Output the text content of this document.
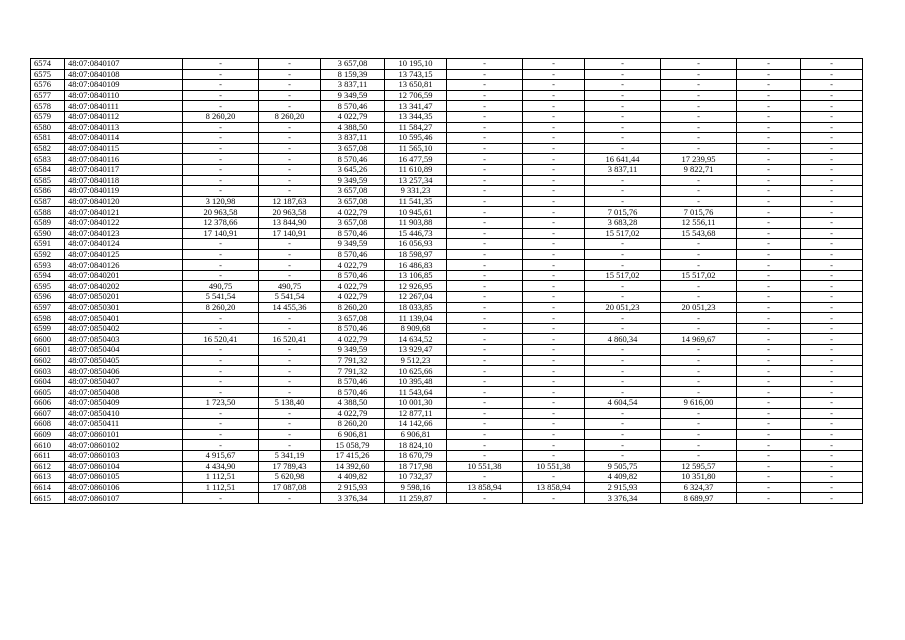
6574	48:07:0840107	-	-	3 657,08	10 195,10	-	-	-	-	-	-
6575	48:07:0840108	-	-	8 159,39	13 743,15	-	-	-	-	-	-
6576	48:07:0840109	-	-	3 837,11	13 650,81	-	-	-	-	-	-
6577	48:07:0840110	-	-	9 349,59	12 706,59	-	-	-	-	-	-
6578	48:07:0840111	-	-	8 570,46	13 341,47	-	-	-	-	-	-
6579	48:07:0840112	8 260,20	8 260,20	4 022,79	13 344,35	-	-	-	-	-	-
6580	48:07:0840113	-	-	4 388,50	11 584,27	-	-	-	-	-	-
6581	48:07:0840114	-	-	3 837,11	10 595,46	-	-	-	-	-	-
6582	48:07:0840115	-	-	3 657,08	11 565,10	-	-	-	-	-	-
6583	48:07:0840116	-	-	8 570,46	16 477,59	-	-	16 641,44	17 239,95	-	-
6584	48:07:0840117	-	-	3 645,26	11 610,89	-	-	3 837,11	9 822,71	-	-
6585	48:07:0840118	-	-	9 349,59	13 257,34	-	-	-	-	-	-
6586	48:07:0840119	-	-	3 657,08	9 331,23	-	-	-	-	-	-
6587	48:07:0840120	3 120,98	12 187,63	3 657,08	11 541,35	-	-	-	-	-	-
6588	48:07:0840121	20 963,58	20 963,58	4 022,79	10 945,61	-	-	7 015,76	7 015,76	-	-
6589	48:07:0840122	12 378,66	13 844,90	3 657,08	11 903,88	-	-	3 683,28	12 556,11	-	-
6590	48:07:0840123	17 140,91	17 140,91	8 570,46	15 446,73	-	-	15 517,02	15 543,68	-	-
6591	48:07:0840124	-	-	9 349,59	16 056,93	-	-	-	-	-	-
6592	48:07:0840125	-	-	8 570,46	18 598,97	-	-	-	-	-	-
6593	48:07:0840126	-	-	4 022,79	16 486,83	-	-	-	-	-	-
6594	48:07:0840201	-	-	8 570,46	13 106,85	-	-	15 517,02	15 517,02	-	-
6595	48:07:0840202	490,75	490,75	4 022,79	12 926,95	-	-	-	-	-	-
6596	48:07:0850201	5 541,54	5 541,54	4 022,79	12 267,04	-	-	-	-	-	-
6597	48:07:0850301	8 260,20	14 455,36	8 260,20	18 033,85	-	-	20 051,23	20 051,23	-	-
6598	48:07:0850401	-	-	3 657,08	11 139,04	-	-	-	-	-	-
6599	48:07:0850402	-	-	8 570,46	8 909,68	-	-	-	-	-	-
6600	48:07:0850403	16 520,41	16 520,41	4 022,79	14 634,52	-	-	4 860,34	14 969,67	-	-
6601	48:07:0850404	-	-	9 349,59	13 929,47	-	-	-	-	-	-
6602	48:07:0850405	-	-	7 791,32	9 512,23	-	-	-	-	-	-
6603	48:07:0850406	-	-	7 791,32	10 625,66	-	-	-	-	-	-
6604	48:07:0850407	-	-	8 570,46	10 395,48	-	-	-	-	-	-
6605	48:07:0850408	-	-	8 570,46	11 543,64	-	-	-	-	-	-
6606	48:07:0850409	1 723,50	5 138,40	4 388,50	10 001,30	-	-	4 604,54	9 616,00	-	-
6607	48:07:0850410	-	-	4 022,79	12 877,11	-	-	-	-	-	-
6608	48:07:0850411	-	-	8 260,20	14 142,66	-	-	-	-	-	-
6609	48:07:0860101	-	-	6 906,81	6 906,81	-	-	-	-	-	-
6610	48:07:0860102	-	-	15 058,79	18 824,10	-	-	-	-	-	-
6611	48:07:0860103	4 915,67	5 341,19	17 415,26	18 670,79	-	-	-	-	-	-
6612	48:07:0860104	4 434,90	17 789,43	14 392,60	18 717,98	10 551,38	10 551,38	9 505,75	12 595,57	-	-
6613	48:07:0860105	1 112,51	5 620,98	4 409,82	10 732,37	-	-	4 409,82	10 351,80	-	-
6614	48:07:0860106	1 112,51	17 087,08	2 915,93	9 598,16	13 858,94	13 858,94	2 915,93	6 324,37	-	-
6615	48:07:0860107	-	-	3 376,34	11 259,87	-	-	3 376,34	8 689,97	-	-
